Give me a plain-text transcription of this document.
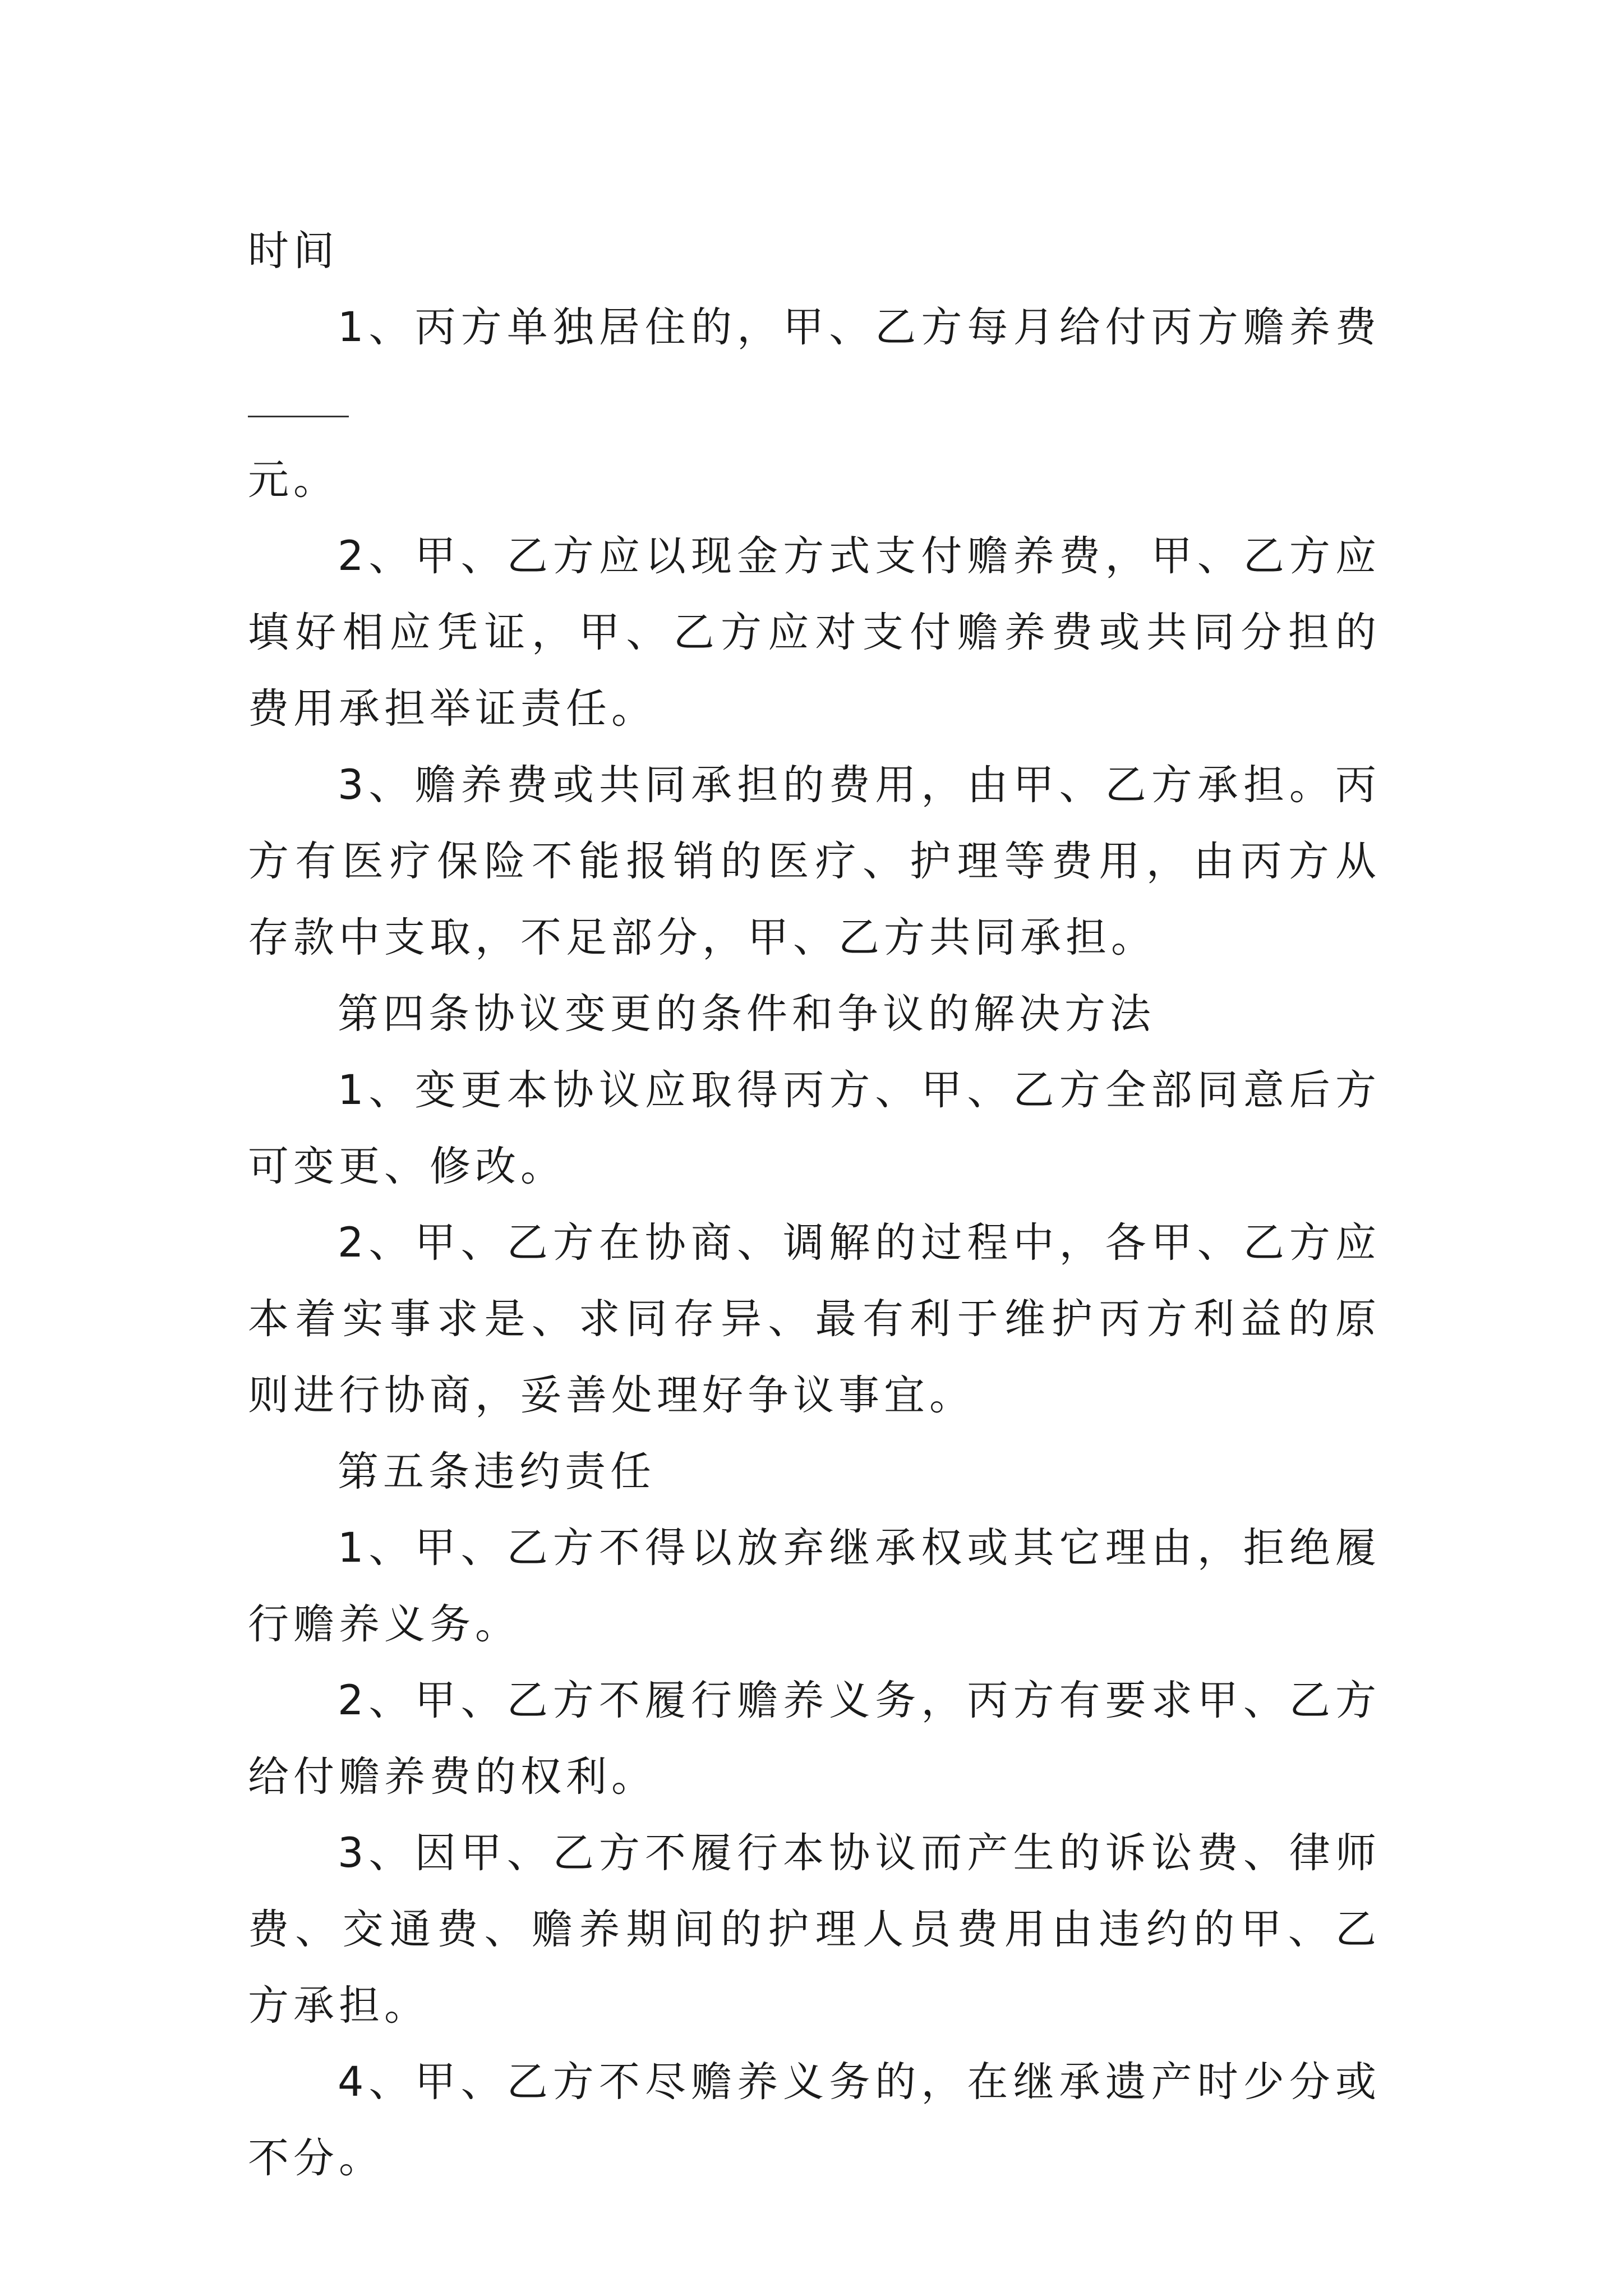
时间

1、丙方单独居住的，甲、乙方每月给付丙方赡养费
元。

2、甲、乙方应以现金方式支付赡养费，甲、乙方应填好相应凭证，甲、乙方应对支付赡养费或共同分担的费用承担举证责任。

3、赡养费或共同承担的费用，由甲、乙方承担。丙方有医疗保险不能报销的医疗、护理等费用，由丙方从存款中支取，不足部分，甲、乙方共同承担。

第四条协议变更的条件和争议的解决方法

1、变更本协议应取得丙方、甲、乙方全部同意后方可变更、修改。

2、甲、乙方在协商、调解的过程中，各甲、乙方应本着实事求是、求同存异、最有利于维护丙方利益的原则进行协商，妥善处理好争议事宜。

第五条违约责任

1、甲、乙方不得以放弃继承权或其它理由，拒绝履行赡养义务。

2、甲、乙方不履行赡养义务，丙方有要求甲、乙方给付赡养费的权利。

3、因甲、乙方不履行本协议而产生的诉讼费、律师费、交通费、赡养期间的护理人员费用由违约的甲、乙方承担。

4、甲、乙方不尽赡养义务的，在继承遗产时少分或不分。
